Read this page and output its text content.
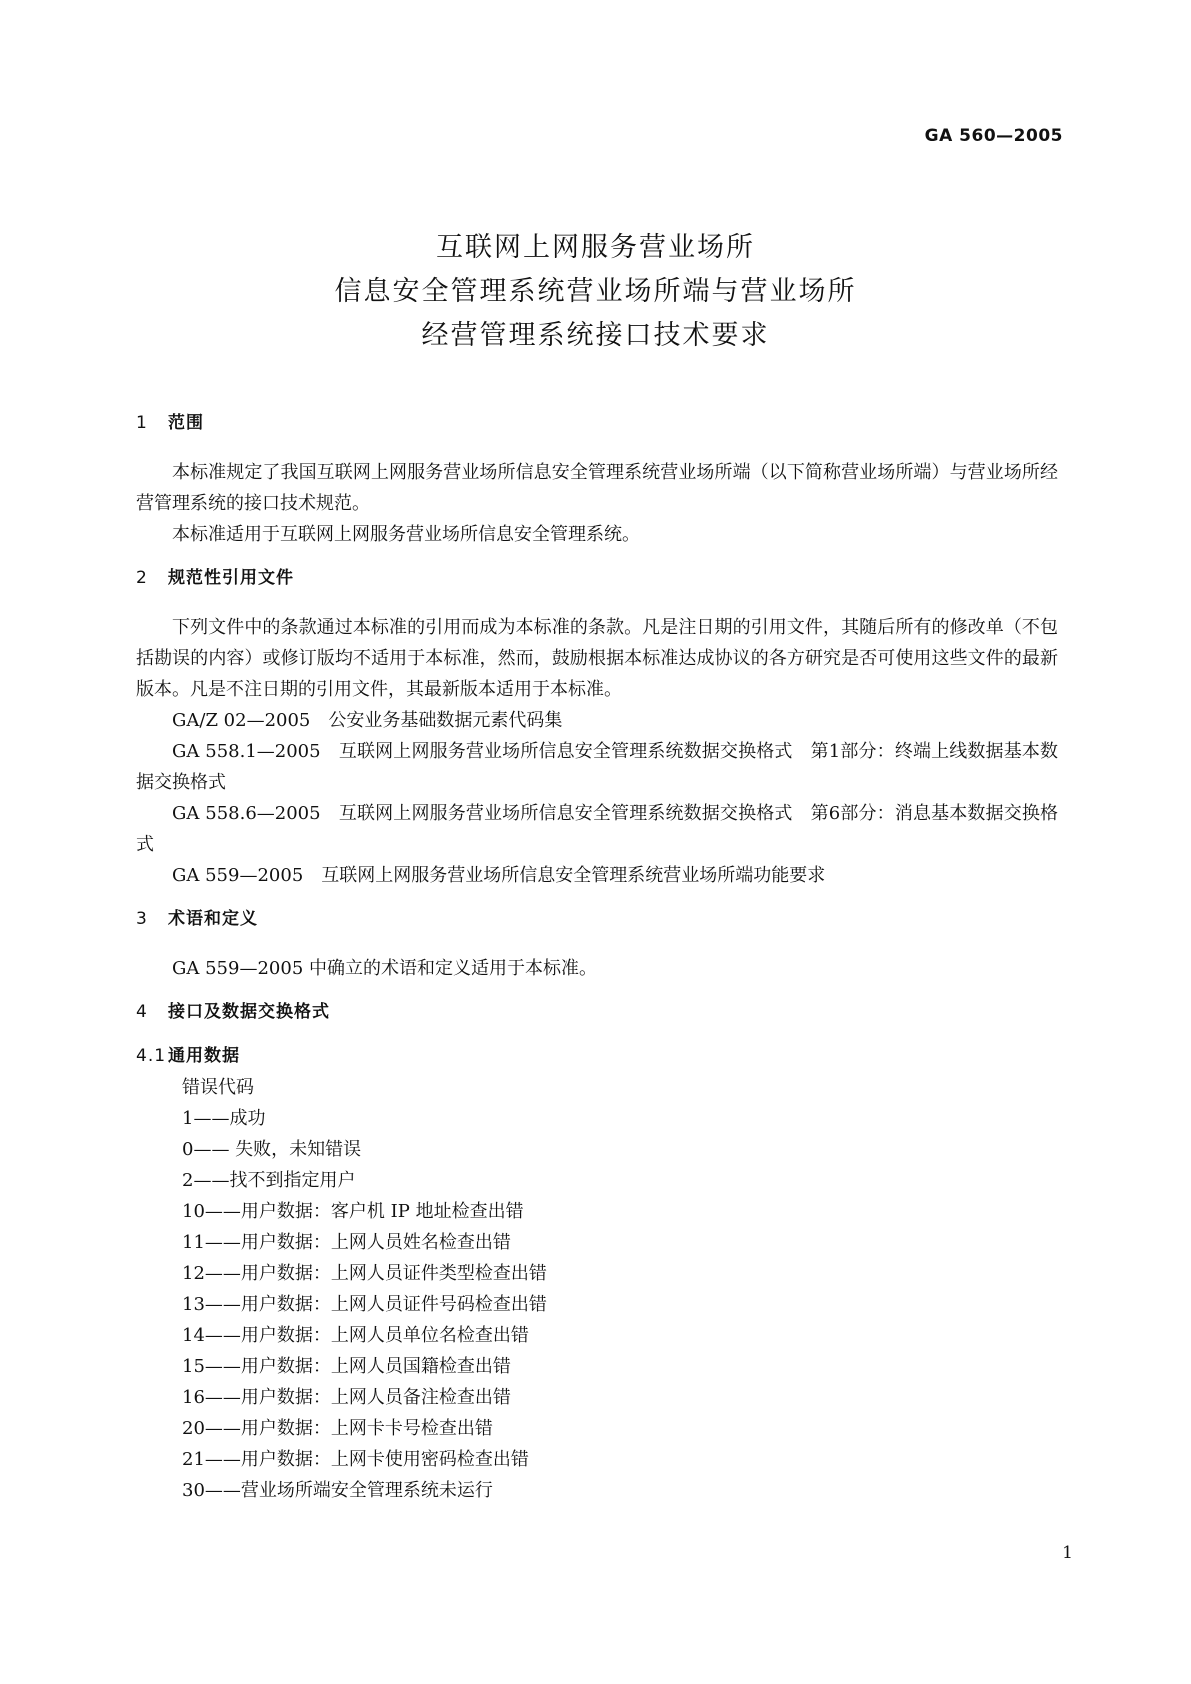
GA 560—2005
互联网上网服务营业场所
信息安全管理系统营业场所端与营业场所
经营管理系统接口技术要求
1 范围
本标准规定了我国互联网上网服务营业场所信息安全管理系统营业场所端（以下简称营业场所端）与营业场所经营管理系统的接口技术规范。
本标准适用于互联网上网服务营业场所信息安全管理系统。
2 规范性引用文件
下列文件中的条款通过本标准的引用而成为本标准的条款。凡是注日期的引用文件，其随后所有的修改单（不包括勘误的内容）或修订版均不适用于本标准，然而，鼓励根据本标准达成协议的各方研究是否可使用这些文件的最新版本。凡是不注日期的引用文件，其最新版本适用于本标准。
GA/Z 02—2005　公安业务基础数据元素代码集
GA 558.1—2005　互联网上网服务营业场所信息安全管理系统数据交换格式　第1部分：终端上线数据基本数据交换格式
GA 558.6—2005　互联网上网服务营业场所信息安全管理系统数据交换格式　第6部分：消息基本数据交换格式
GA 559—2005　互联网上网服务营业场所信息安全管理系统营业场所端功能要求
3 术语和定义
GA 559—2005 中确立的术语和定义适用于本标准。
4 接口及数据交换格式
4.1 通用数据
错误代码
1——成功
0—— 失败，未知错误
2——找不到指定用户
10——用户数据：客户机 IP 地址检查出错
11——用户数据：上网人员姓名检查出错
12——用户数据：上网人员证件类型检查出错
13——用户数据：上网人员证件号码检查出错
14——用户数据：上网人员单位名检查出错
15——用户数据：上网人员国籍检查出错
16——用户数据：上网人员备注检查出错
20——用户数据：上网卡卡号检查出错
21——用户数据：上网卡使用密码检查出错
30——营业场所端安全管理系统未运行
1
